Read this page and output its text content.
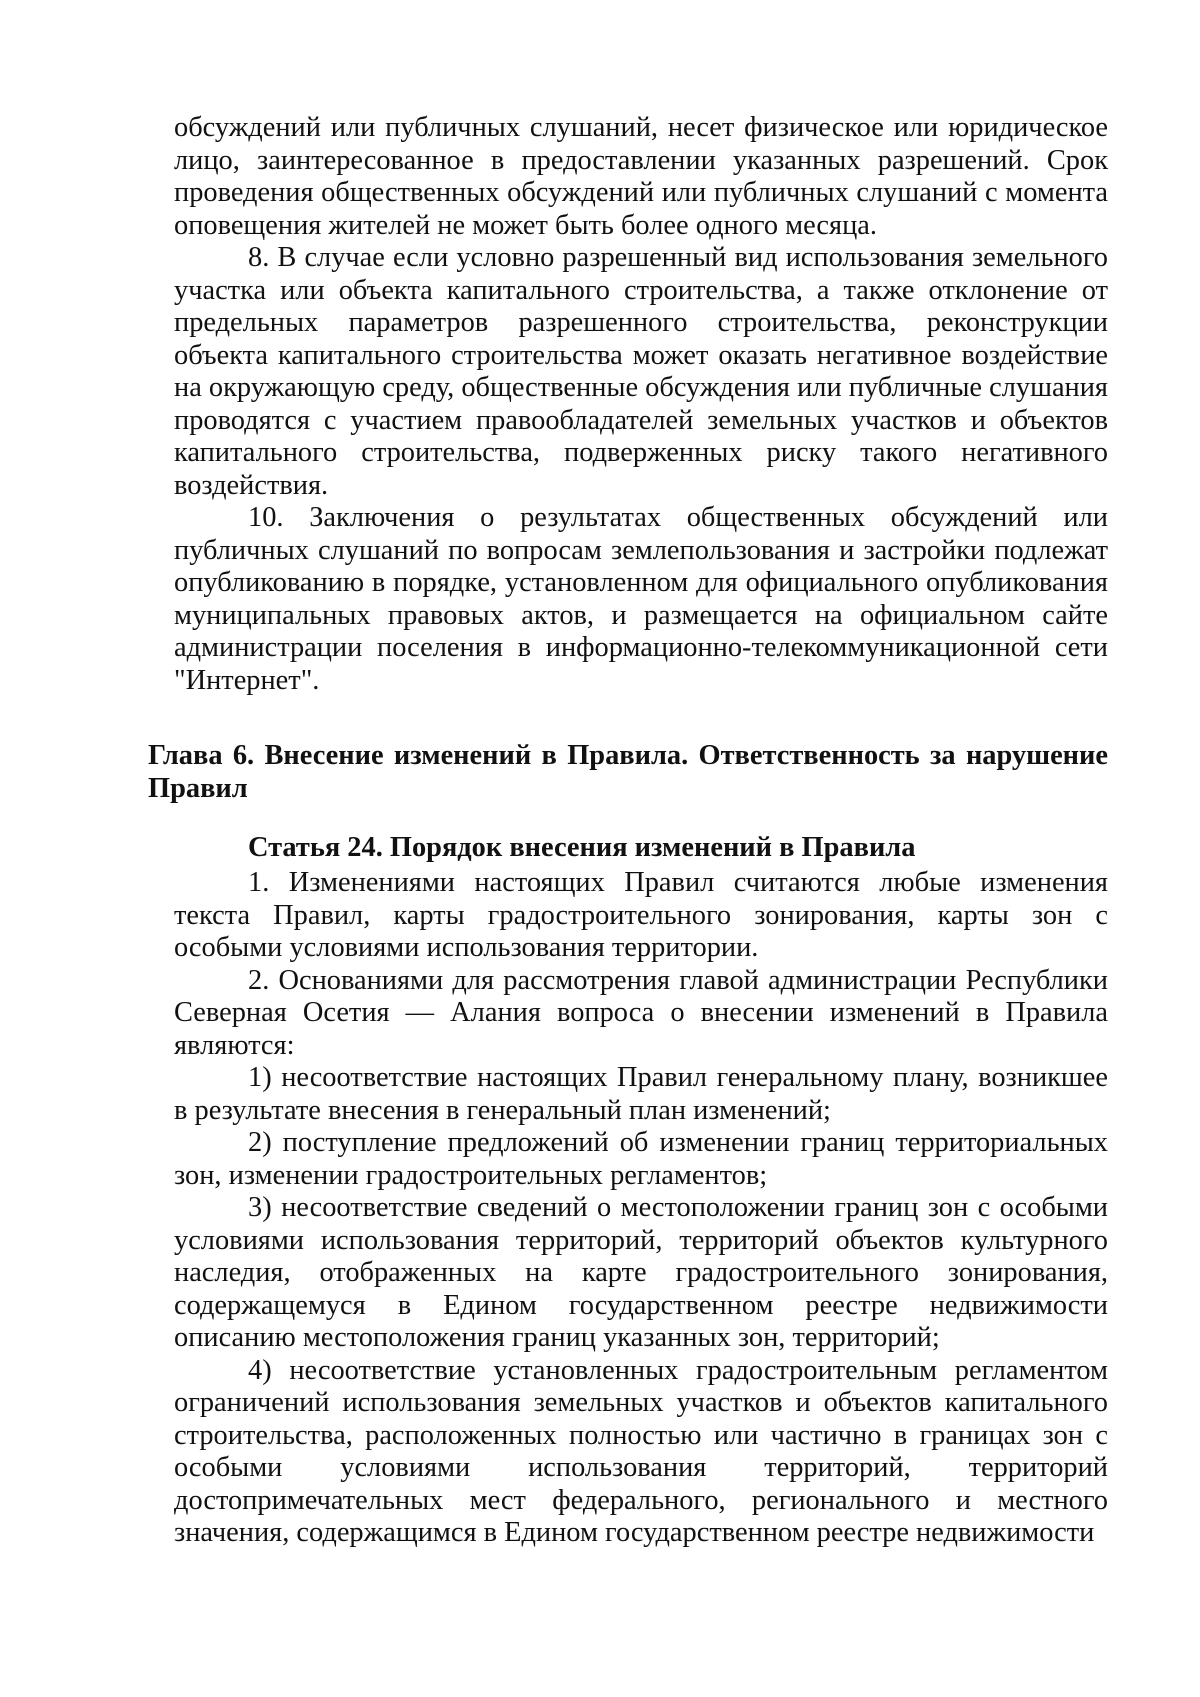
обсуждений или публичных слушаний, несет физическое или юридическое лицо, заинтересованное в предоставлении указанных разрешений. Срок проведения общественных обсуждений или публичных слушаний с момента оповещения жителей не может быть более одного месяца.

8. В случае если условно разрешенный вид использования земельного участка или объекта капитального строительства, а также отклонение от предельных параметров разрешенного строительства, реконструкции объекта капитального строительства может оказать негативное воздействие на окружающую среду, общественные обсуждения или публичные слушания проводятся с участием правообладателей земельных участков и объектов капитального строительства, подверженных риску такого негативного воздействия.

10. Заключения о результатах общественных обсуждений или публичных слушаний по вопросам землепользования и застройки подлежат опубликованию в порядке, установленном для официального опубликования муниципальных правовых актов, и размещается на официальном сайте администрации поселения в информационно-телекоммуникационной сети "Интернет".

Глава 6. Внесение изменений в Правила. Ответственность за нарушение Правил
Статья 24. Порядок внесения изменений в Правила

1. Изменениями настоящих Правил считаются любые изменения текста Правил, карты градостроительного зонирования, карты зон с особыми условиями использования территории.

2. Основаниями для рассмотрения главой администрации Республики Северная Осетия — Алания вопроса о внесении изменений в Правила являются:

1) несоответствие настоящих Правил генеральному плану, возникшее в результате внесения в генеральный план изменений;

2) поступление предложений об изменении границ территориальных зон, изменении градостроительных регламентов;

3) несоответствие сведений о местоположении границ зон с особыми условиями использования территорий, территорий объектов культурного наследия, отображенных на карте градостроительного зонирования, содержащемуся в Едином государственном реестре недвижимости описанию местоположения границ указанных зон, территорий;

4) несоответствие установленных градостроительным регламентом ограничений использования земельных участков и объектов капитального строительства, расположенных полностью или частично в границах зон с особыми условиями использования территорий, территорий достопримечательных мест федерального, регионального и местного значения, содержащимся в Едином государственном реестре недвижимости
